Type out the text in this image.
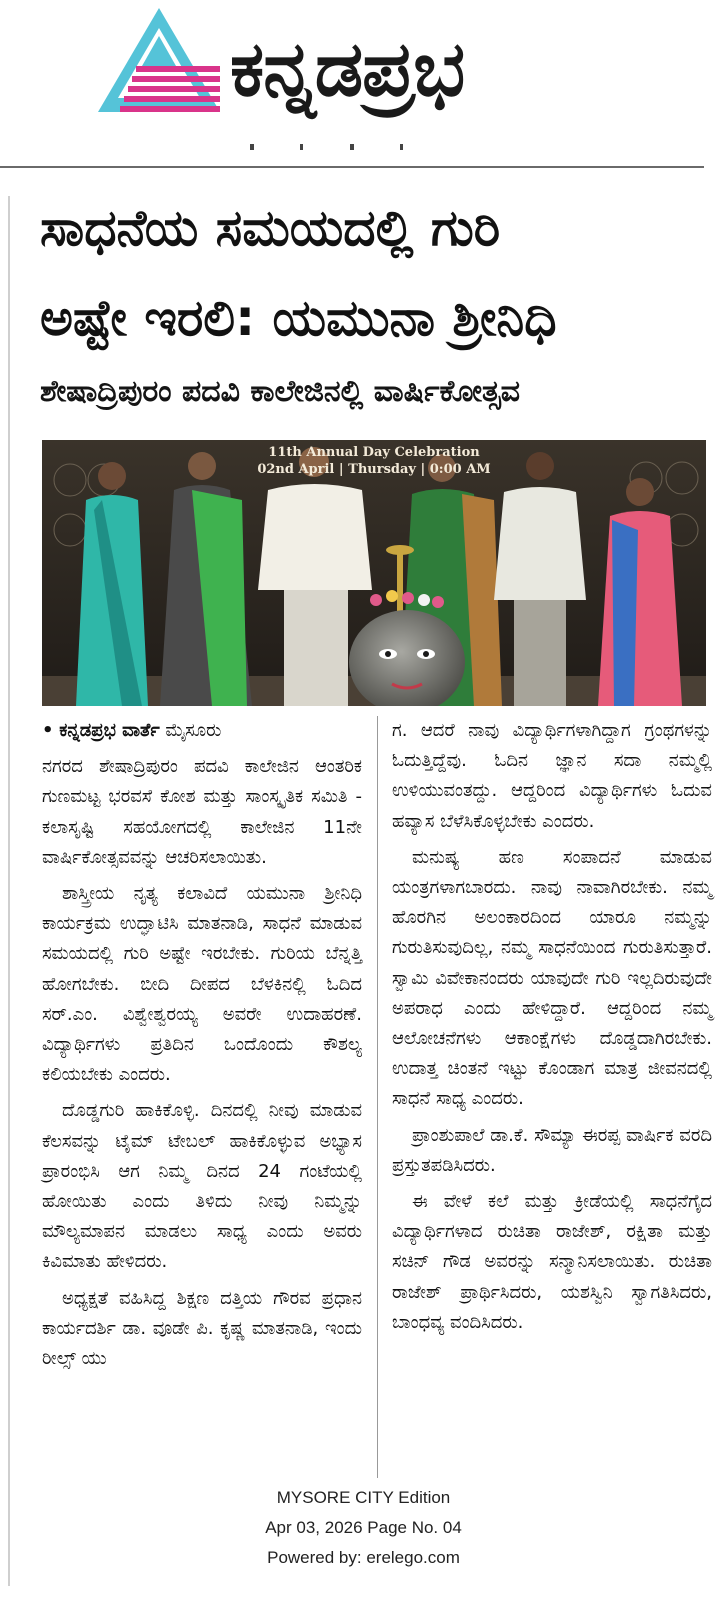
ಕನ್ನಡಪ್ರಭ
ಸಾಧನೆಯ ಸಮಯದಲ್ಲಿ ಗುರಿ
ಅಷ್ಟೇ ಇರಲಿ: ಯಮುನಾ ಶ್ರೀನಿಧಿ
ಶೇಷಾದ್ರಿಪುರಂ ಪದವಿ ಕಾಲೇಜಿನಲ್ಲಿ ವಾರ್ಷಿಕೋತ್ಸವ
11th Annual Day Celebration
02nd April | Thursday | 0:00 AM

• ಕನ್ನಡಪ್ರಭ ವಾರ್ತೆ ಮೈಸೂರು

ನಗರದ ಶೇಷಾದ್ರಿಪುರಂ ಪದವಿ ಕಾಲೇಜಿನ ಆಂತರಿಕ ಗುಣಮಟ್ಟ ಭರವಸೆ ಕೋಶ ಮತ್ತು ಸಾಂಸ್ಕೃತಿಕ ಸಮಿತಿ - ಕಲಾಸೃಷ್ಟಿ ಸಹಯೋಗದಲ್ಲಿ ಕಾಲೇಜಿನ 11ನೇ ವಾರ್ಷಿಕೋತ್ಸವವನ್ನು ಆಚರಿಸಲಾಯಿತು.

ಶಾಸ್ತ್ರೀಯ ನೃತ್ಯ ಕಲಾವಿದೆ ಯಮುನಾ ಶ್ರೀನಿಧಿ ಕಾರ್ಯಕ್ರಮ ಉದ್ಘಾಟಿಸಿ ಮಾತನಾಡಿ, ಸಾಧನೆ ಮಾಡುವ ಸಮಯದಲ್ಲಿ ಗುರಿ ಅಷ್ಟೇ ಇರಬೇಕು. ಗುರಿಯ ಬೆನ್ನತ್ತಿ ಹೋಗಬೇಕು. ಬೀದಿ ದೀಪದ ಬೆಳಕಿನಲ್ಲಿ ಓದಿದ ಸರ್.ಎಂ. ವಿಶ್ವೇಶ್ವರಯ್ಯ ಅವರೇ ಉದಾಹರಣೆ. ವಿದ್ಯಾರ್ಥಿಗಳು ಪ್ರತಿದಿನ ಒಂದೊಂದು ಕೌಶಲ್ಯ ಕಲಿಯಬೇಕು ಎಂದರು.

ದೊಡ್ಡಗುರಿ ಹಾಕಿಕೊಳ್ಳಿ. ದಿನದಲ್ಲಿ ನೀವು ಮಾಡುವ ಕೆಲಸವನ್ನು ಟೈಮ್ ಟೇಬಲ್ ಹಾಕಿಕೊಳ್ಳುವ ಅಭ್ಯಾಸ ಪ್ರಾರಂಭಿಸಿ ಆಗ ನಿಮ್ಮ ದಿನದ 24 ಗಂಟೆಯಲ್ಲಿ ಹೋಯಿತು ಎಂದು ತಿಳಿದು ನೀವು ನಿಮ್ಮನ್ನು ಮೌಲ್ಯಮಾಪನ ಮಾಡಲು ಸಾಧ್ಯ ಎಂದು ಅವರು ಕಿವಿಮಾತು ಹೇಳಿದರು.

ಅಧ್ಯಕ್ಷತೆ ವಹಿಸಿದ್ದ ಶಿಕ್ಷಣ ದತ್ತಿಯ ಗೌರವ ಪ್ರಧಾನ ಕಾರ್ಯದರ್ಶಿ ಡಾ. ವೂಡೇ ಪಿ. ಕೃಷ್ಣ ಮಾತನಾಡಿ, ಇಂದು ರೀಲ್ಸ್ ಯು

ಗ. ಆದರೆ ನಾವು ವಿದ್ಯಾರ್ಥಿಗಳಾಗಿದ್ದಾಗ ಗ್ರಂಥಗಳನ್ನು ಓದುತ್ತಿದ್ದೆವು. ಓದಿನ ಜ್ಞಾನ ಸದಾ ನಮ್ಮಲ್ಲಿ ಉಳಿಯುವಂತದ್ದು. ಆದ್ದರಿಂದ ವಿದ್ಯಾರ್ಥಿಗಳು ಓದುವ ಹವ್ಯಾಸ ಬೆಳೆಸಿಕೊಳ್ಳಬೇಕು ಎಂದರು.

ಮನುಷ್ಯ ಹಣ ಸಂಪಾದನೆ ಮಾಡುವ ಯಂತ್ರಗಳಾಗಬಾರದು. ನಾವು ನಾವಾಗಿರಬೇಕು. ನಮ್ಮ ಹೊರಗಿನ ಅಲಂಕಾರದಿಂದ ಯಾರೂ ನಮ್ಮನ್ನು ಗುರುತಿಸುವುದಿಲ್ಲ, ನಮ್ಮ ಸಾಧನೆಯಿಂದ ಗುರುತಿಸುತ್ತಾರೆ. ಸ್ವಾಮಿ ವಿವೇಕಾನಂದರು ಯಾವುದೇ ಗುರಿ ಇಲ್ಲದಿರುವುದೇ ಅಪರಾಧ ಎಂದು ಹೇಳಿದ್ದಾರೆ. ಆದ್ದರಿಂದ ನಮ್ಮ ಆಲೋಚನೆಗಳು ಆಕಾಂಕ್ಷೆಗಳು ದೊಡ್ಡದಾಗಿರಬೇಕು. ಉದಾತ್ತ ಚಿಂತನೆ ಇಟ್ಟು ಕೊಂಡಾಗ ಮಾತ್ರ ಜೀವನದಲ್ಲಿ ಸಾಧನೆ ಸಾಧ್ಯ ಎಂದರು.

ಪ್ರಾಂಶುಪಾಲೆ ಡಾ.ಕೆ. ಸೌಮ್ಯಾ ಈರಪ್ಪ ವಾರ್ಷಿಕ ವರದಿ ಪ್ರಸ್ತುತಪಡಿಸಿದರು.

ಈ ವೇಳೆ ಕಲೆ ಮತ್ತು ಕ್ರೀಡೆಯಲ್ಲಿ ಸಾಧನೆಗೈದ ವಿದ್ಯಾರ್ಥಿಗಳಾದ ರುಚಿತಾ ರಾಜೇಶ್, ರಕ್ಷಿತಾ ಮತ್ತು ಸಚಿನ್ ಗೌಡ ಅವರನ್ನು ಸನ್ಮಾನಿಸಲಾಯಿತು. ರುಚಿತಾ ರಾಜೇಶ್ ಪ್ರಾರ್ಥಿಸಿದರು, ಯಶಸ್ವಿನಿ ಸ್ವಾಗತಿಸಿದರು, ಬಾಂಧವ್ಯ ವಂದಿಸಿದರು.

MYSORE CITY Edition
Apr 03, 2026 Page No. 04
Powered by: erelego.com
